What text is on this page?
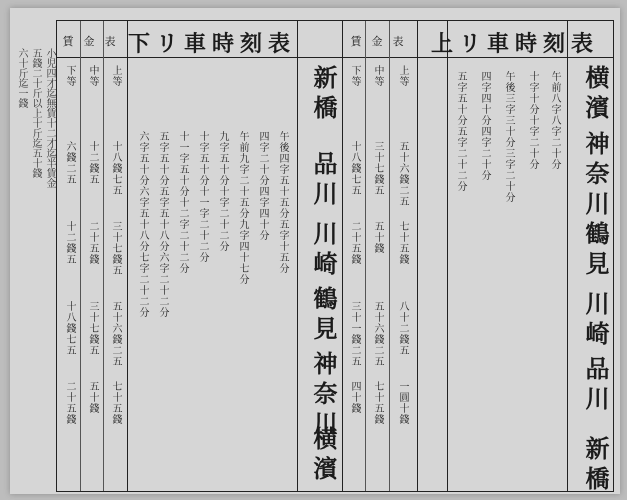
小児四才迄無賃十二才迄半賃金
五錢二十斤以上十斤迄五十錢
六十斤迄一錢
下リ車時刻表
賃金表
下等 中等 上等
六錢二五
十二錢五
十八錢七五
二十五錢
十二錢五
二十五錢
三十七錢五
五十錢
十八錢七五
三十七錢五
五十六錢二五
七十五錢
六字五十分六字五十八分七字二十二分 五字五十分五字五十八分六字二十二分 十一字五十分十二字二十二分 十字五十分十一字二十二分 九字五十分十字二十二分 午前九字二十五分九字四十七分 四字二十分四字四十分 午後四字五十五分五字十五分
新橋
品川
川崎
鶴見
神奈川
横濱
賃金表 上リ車時刻表
下等 中等 上等
十八錢七五
二十五錢
三十一錢二五
四十錢
三十七錢五
五十錢
五十六錢二五
七十五錢
五十六錢二五
七十五錢
八十二錢五
一圓十錢
五字五十分五字二十二分 四字四十分四字二十分 午後三字三十分三字二十分 十字十分十字二十分 午前八字八字二十分 横濱
神奈川
鶴見
川崎
品川
新橋
